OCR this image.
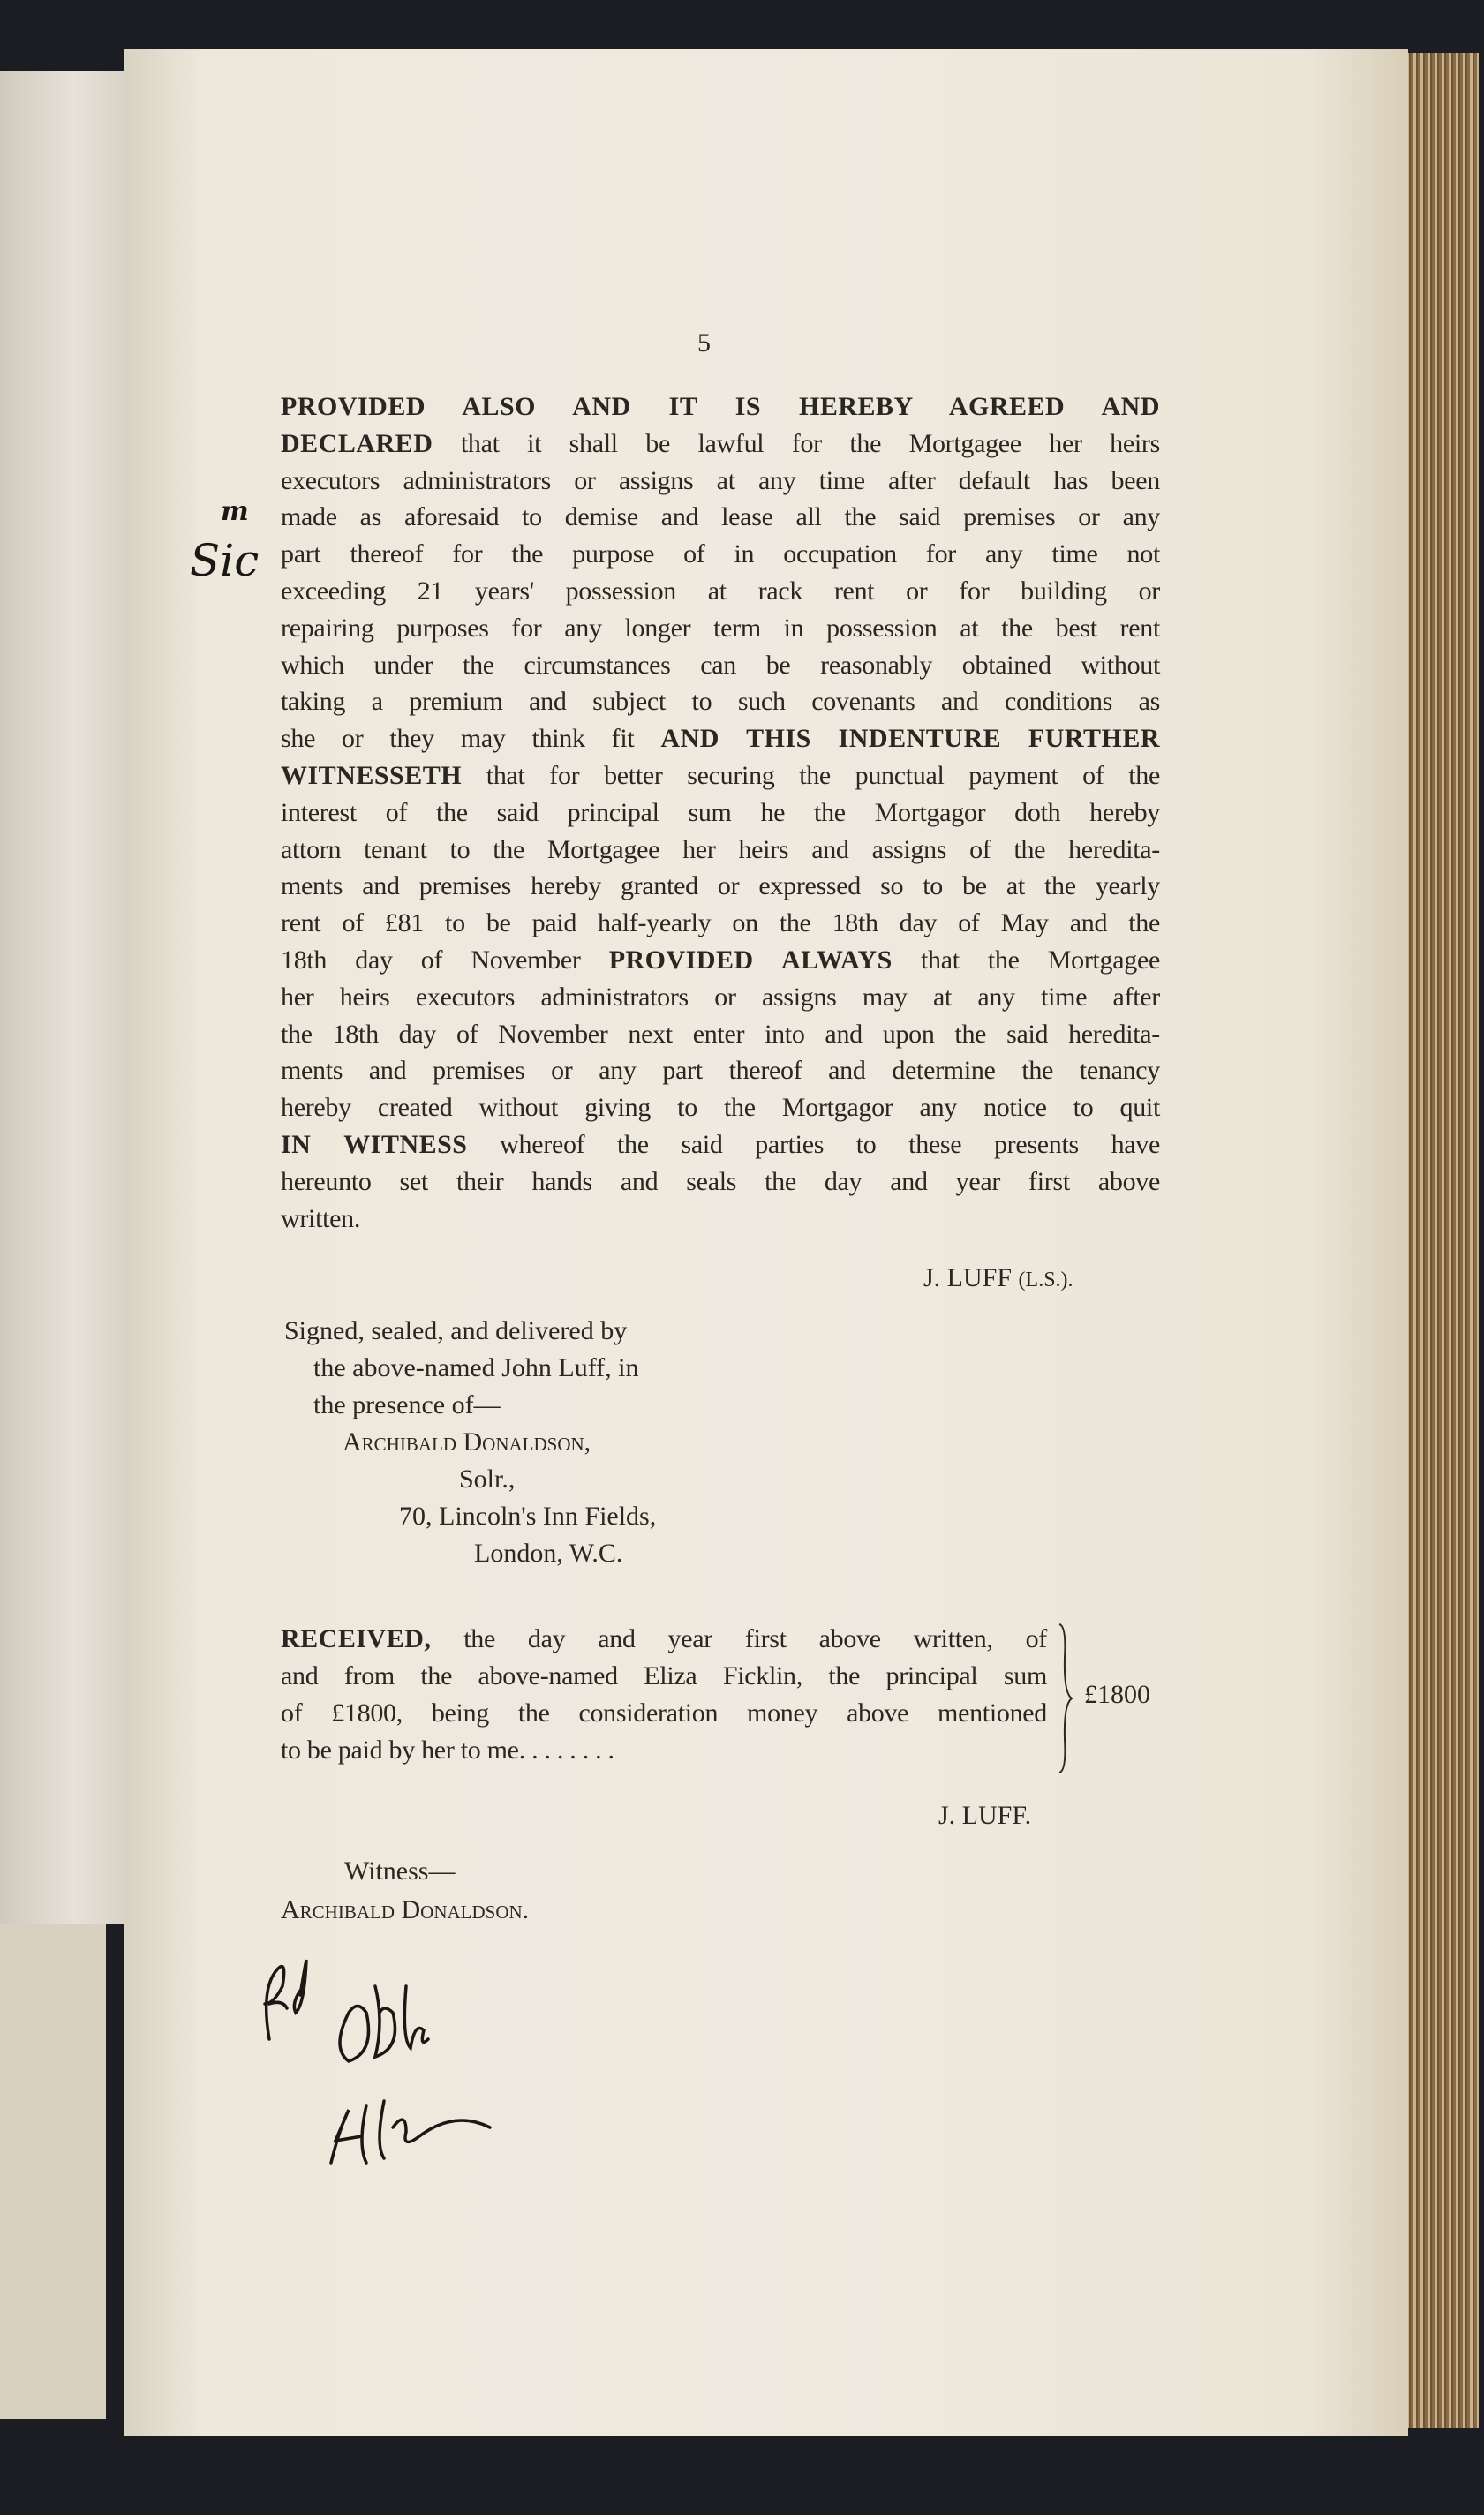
5
PROVIDED ALSO AND IT IS HEREBY AGREED AND
DECLARED that it shall be lawful for the Mortgagee her heirs
executors administrators or assigns at any time after default has been
made as aforesaid to demise and lease all the said premises or any
part thereof for the purpose of in occupation for any time not
exceeding 21 years' possession at rack rent or for building or
repairing purposes for any longer term in possession at the best rent
which under the circumstances can be reasonably obtained without
taking a premium and subject to such covenants and conditions as
she or they may think fit AND THIS INDENTURE FURTHER
WITNESSETH that for better securing the punctual payment of the
interest of the said principal sum he the Mortgagor doth hereby
attorn tenant to the Mortgagee her heirs and assigns of the heredita-
ments and premises hereby granted or expressed so to be at the yearly
rent of £81 to be paid half-yearly on the 18th day of May and the
18th day of November PROVIDED ALWAYS that the Mortgagee
her heirs executors administrators or assigns may at any time after
the 18th day of November next enter into and upon the said heredita-
ments and premises or any part thereof and determine the tenancy
hereby created without giving to the Mortgagor any notice to quit
IN WITNESS whereof the said parties to these presents have
hereunto set their hands and seals the day and year first above
written.
Sic
m
J. LUFF (L.S.).
Signed, sealed, and delivered by
the above-named John Luff, in
the presence of—
Archibald Donaldson,
Solr.,
70, Lincoln's Inn Fields,
London, W.C.
RECEIVED, the day and year first above written, of
and from the above-named Eliza Ficklin, the principal sum
of £1800, being the consideration money above mentioned
to be paid by her to me. . . . . . . .
£1800
J. LUFF.
Witness—
Archibald Donaldson.
